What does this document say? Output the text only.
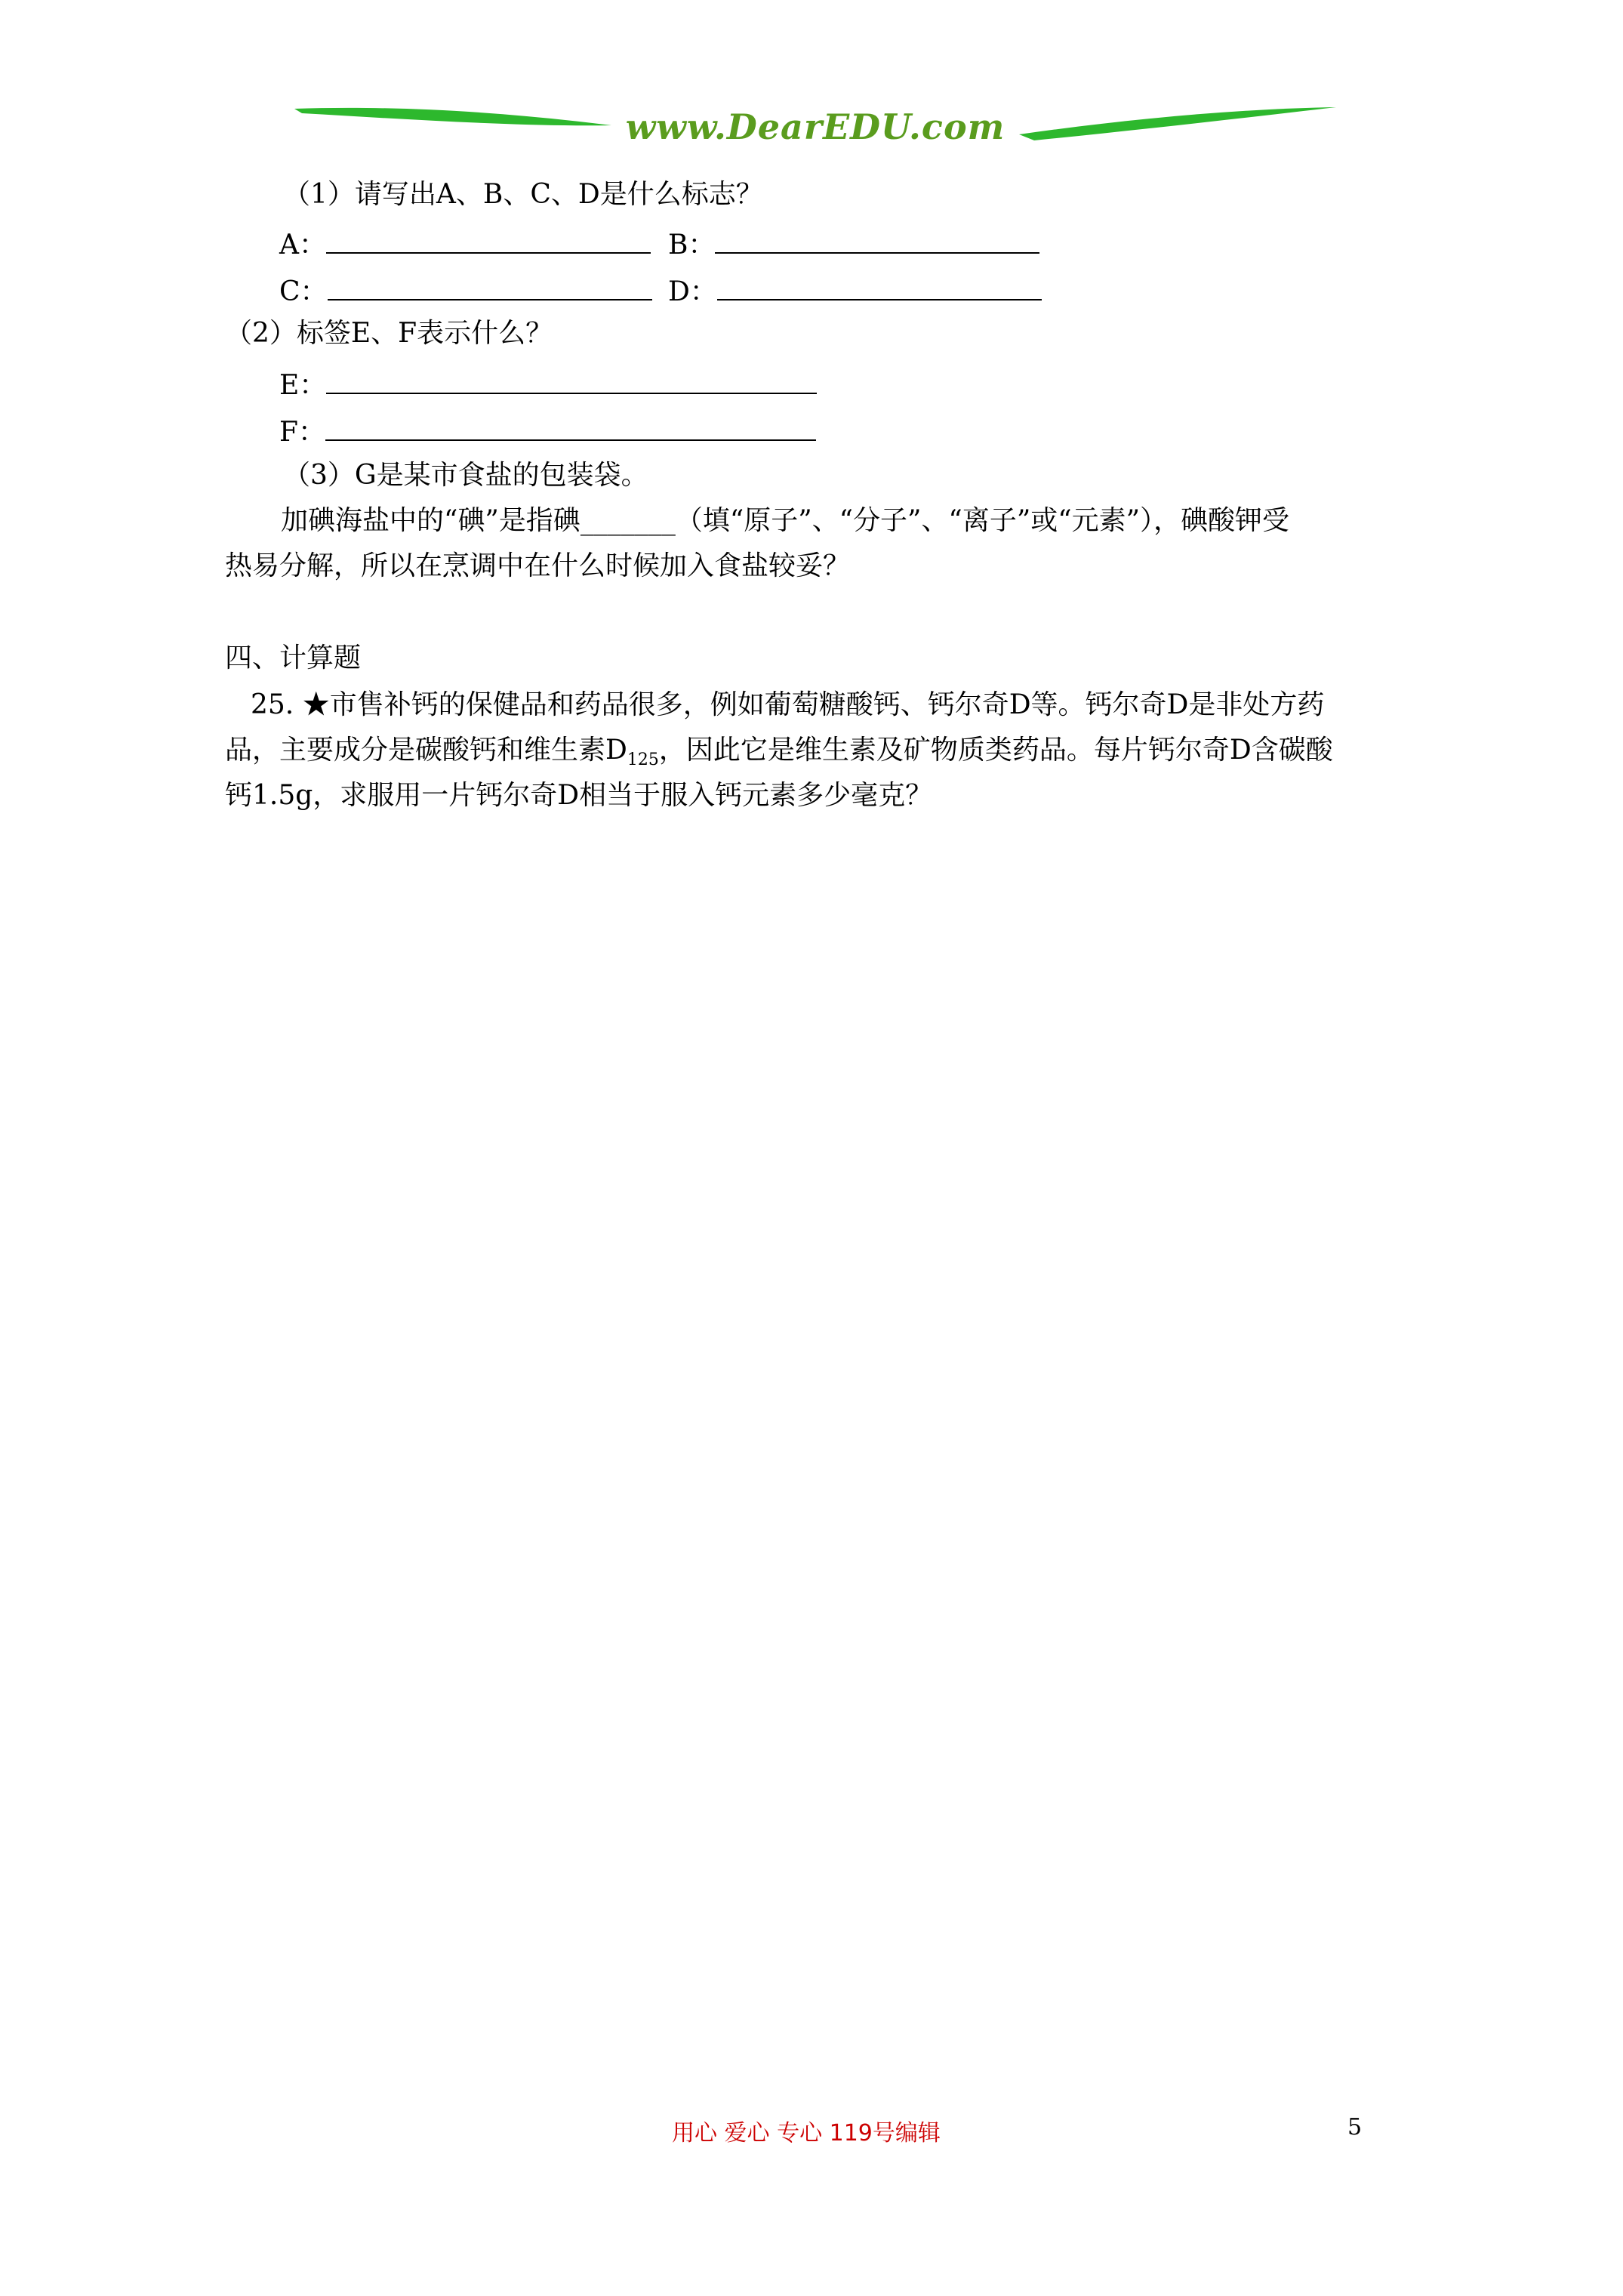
www.DearEDU.com
（1）请写出A、B、C、D是什么标志？
A：	B：
C：	D：
（2）标签E、F表示什么？
E：
F：
（3）G是某市食盐的包装袋。
加碘海盐中的“碘”是指碘_______（填“原子”、“分子”、“离子”或“元素”），碘酸钾受
热易分解，所以在烹调中在什么时候加入食盐较妥？
四、计算题
25. ★市售补钙的保健品和药品很多，例如葡萄糖酸钙、钙尔奇D等。钙尔奇D是非处方药
品，主要成分是碳酸钙和维生素$D_{125}$，因此它是维生素及矿物质类药品。每片钙尔奇D含碳酸
钙1.5g，求服用一片钙尔奇D相当于服入钙元素多少毫克？
用心 爱心 专心 119号编辑	5
